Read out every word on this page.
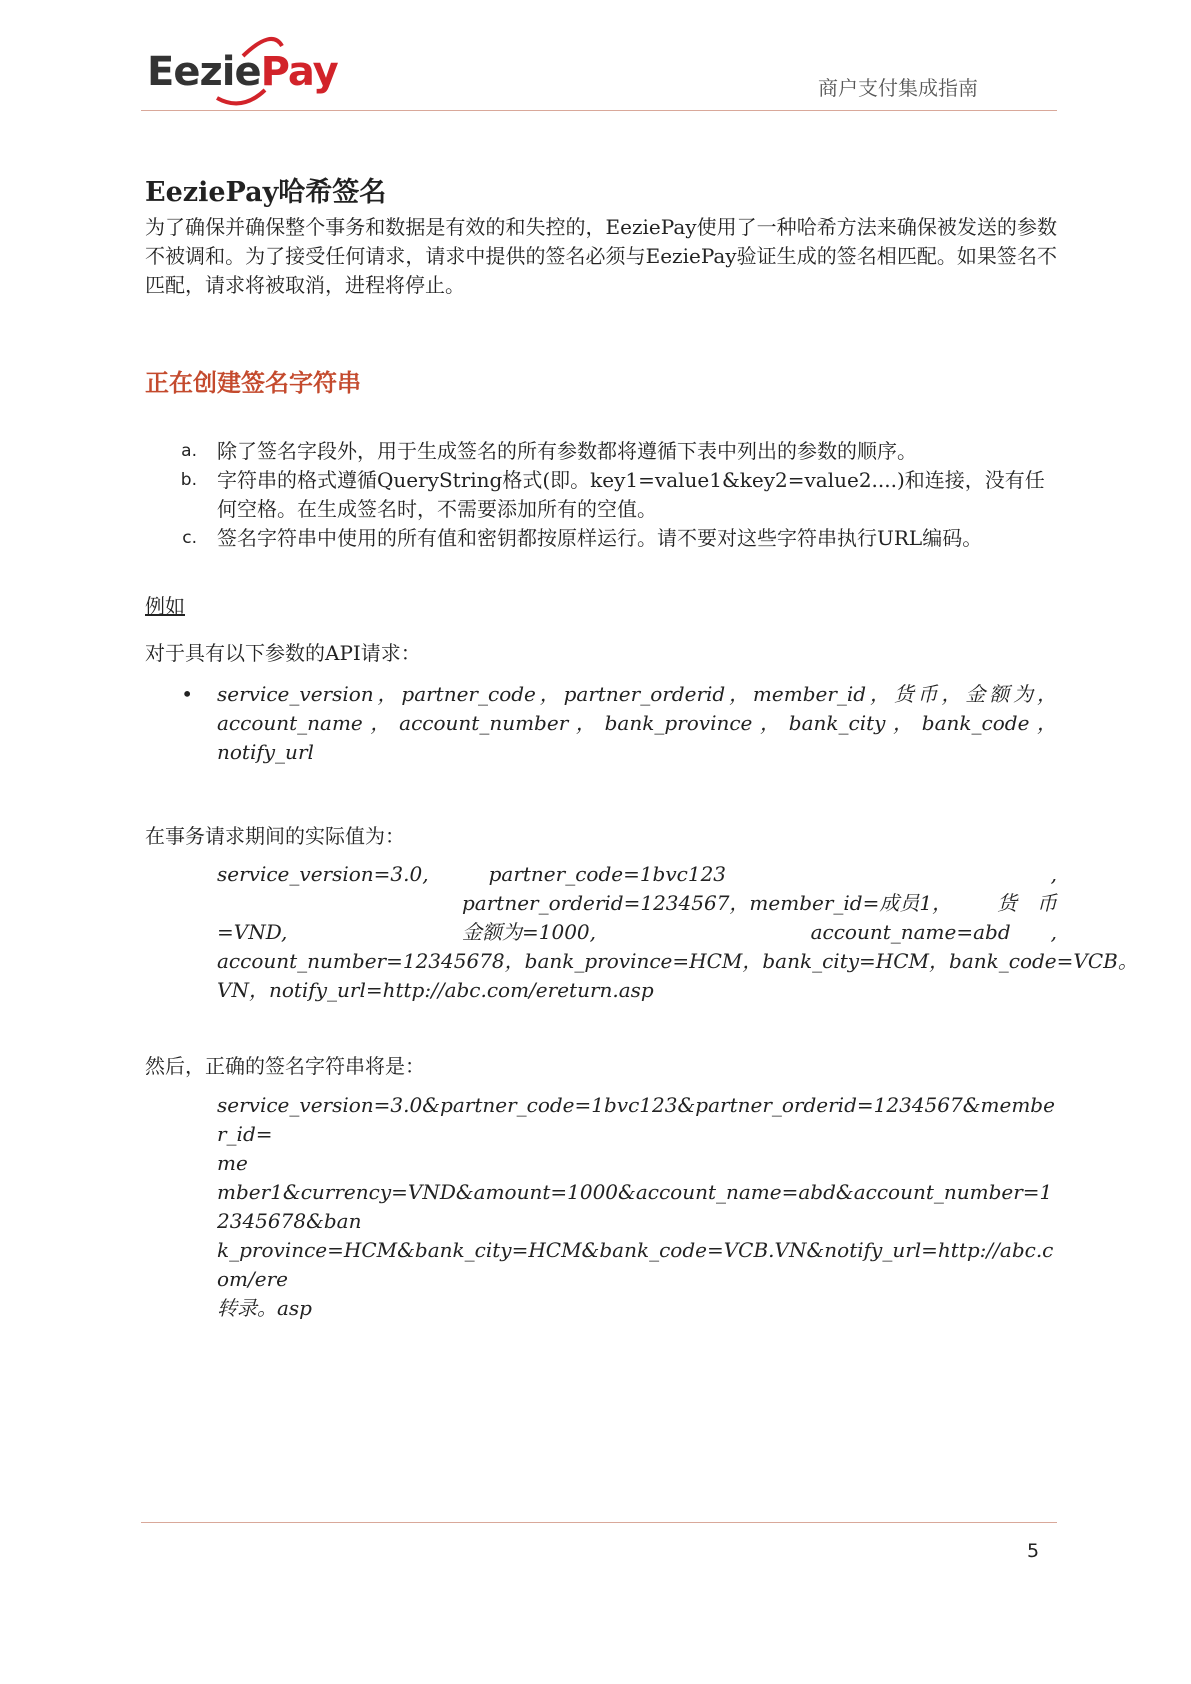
EeziePay	商户支付集成指南
EeziePay哈希签名

为了确保并确保整个事务和数据是有效的和失控的，EeziePay使用了一种哈希方法来确保被发送的参数不被调和。为了接受任何请求，请求中提供的签名必须与EeziePay验证生成的签名相匹配。如果签名不匹配，请求将被取消，进程将停止。

正在创建签名字符串
a.	除了签名字段外，用于生成签名的所有参数都将遵循下表中列出的参数的顺序。
b.	字符串的格式遵循QueryString格式(即。key1=value1&key2=value2....)和连接，没有任何空格。在生成签名时，不需要添加所有的空值。
c.	签名字符串中使用的所有值和密钥都按原样运行。请不要对这些字符串执行URL编码。
例如
对于具有以下参数的API请求：
•	service_version，partner_code，partner_orderid，member_id，货币，金额为，account_name ， account_number ， bank_province ， bank_city ， bank_code ，notify_url
在事务请求期间的实际值为：
service_version=3.0,	partner_code=1bvc123	,
partner_orderid=1234567，member_id=成员1，	货　币
=VND,	金额为=1000,	account_name=abd　　,
account_number=12345678，bank_province=HCM，bank_city=HCM，bank_code=VCB。
VN，notify_url=http://abc.com/ereturn.asp
然后，正确的签名字符串将是：
service_version=3.0&partner_code=1bvc123&partner_orderid=1234567&member_id=
me
mber1&currency=VND&amount=1000&account_name=abd&account_number=12345678&ban
k_province=HCM&bank_city=HCM&bank_code=VCB.VN&notify_url=http://abc.com/ere
转录。asp
5
